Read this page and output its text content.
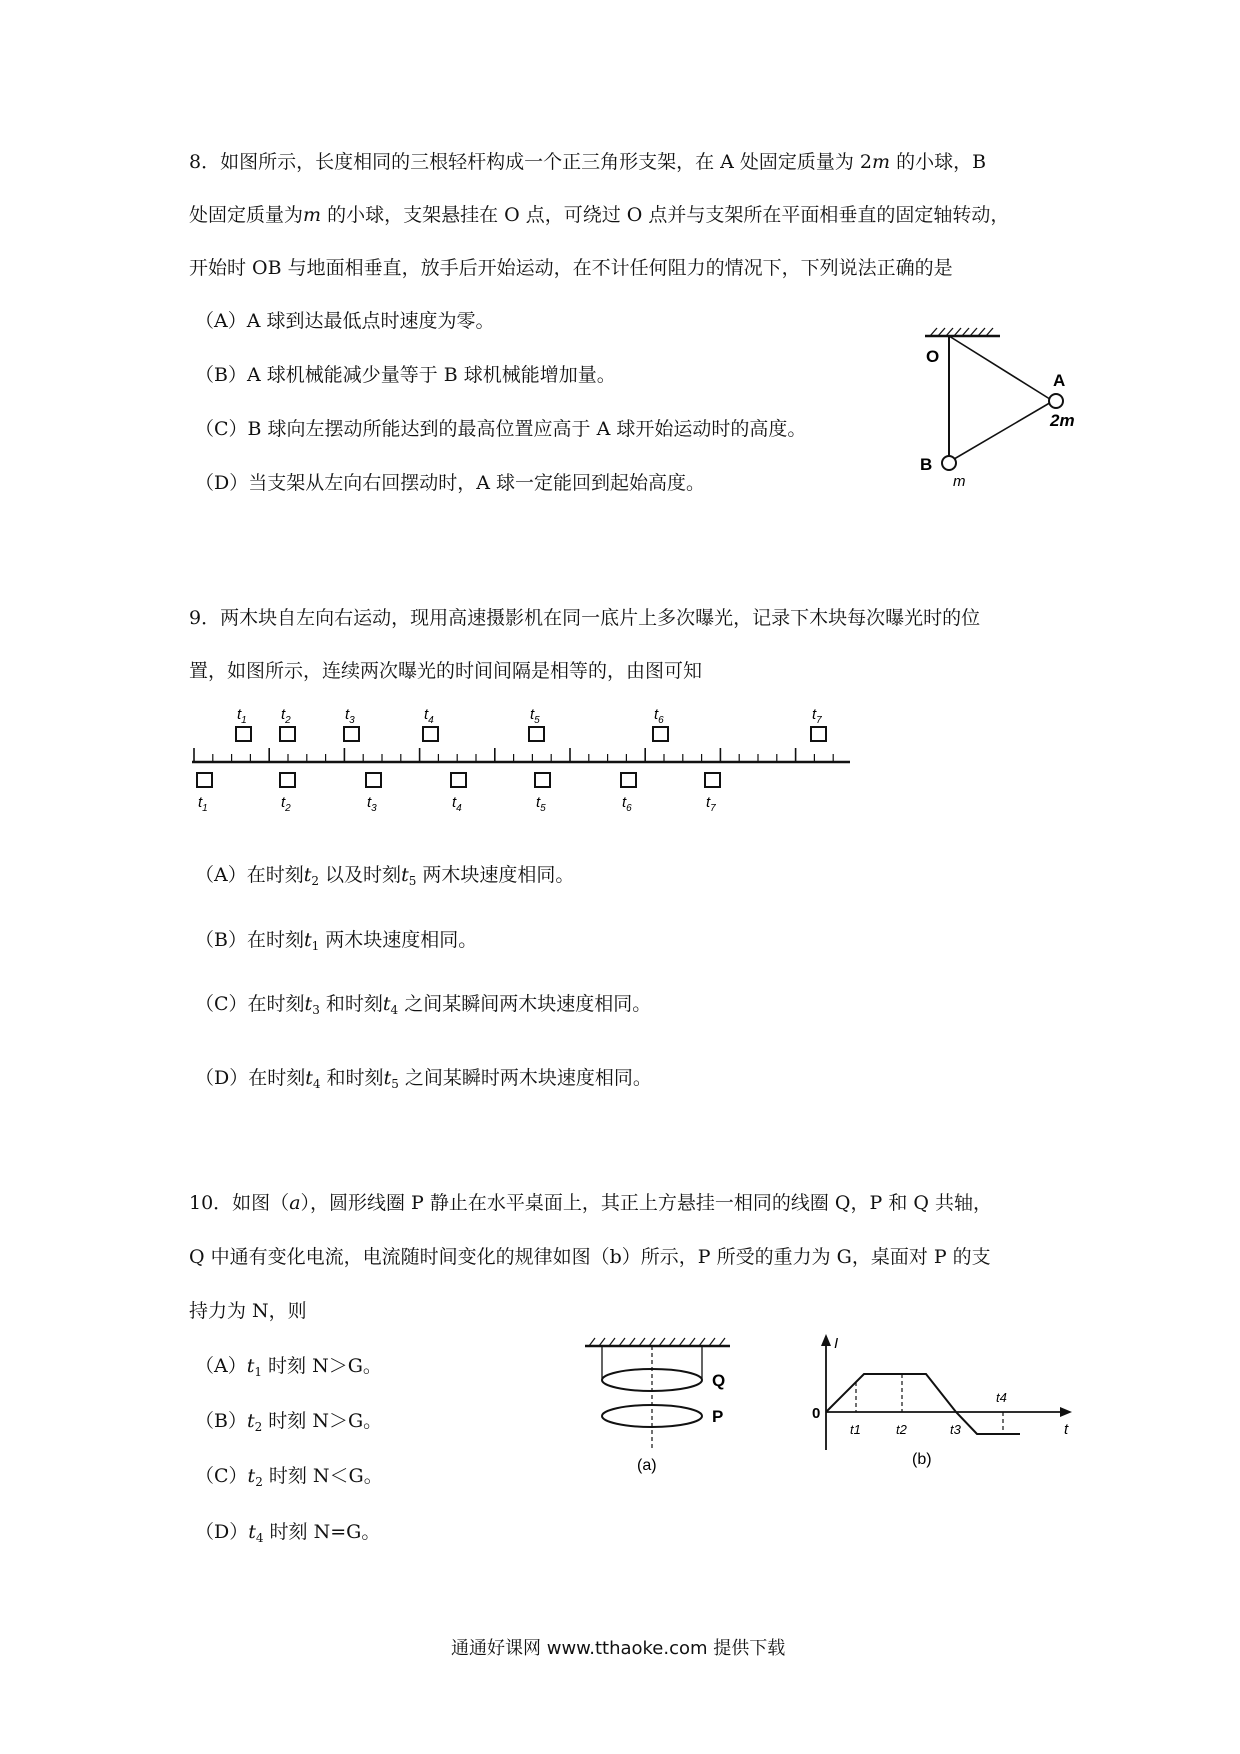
8．如图所示，长度相同的三根轻杆构成一个正三角形支架，在 A 处固定质量为 2m 的小球，B
处固定质量为m 的小球，支架悬挂在 O 点，可绕过 O 点并与支架所在平面相垂直的固定轴转动，
开始时 OB 与地面相垂直，放手后开始运动，在不计任何阻力的情况下，下列说法正确的是
（A）A 球到达最低点时速度为零。
（B）A 球机械能减少量等于 B 球机械能增加量。
（C）B 球向左摆动所能达到的最高位置应高于 A 球开始运动时的高度。
（D）当支架从左向右回摆动时，A 球一定能回到起始高度。
O
A
2m
B
m
9．两木块自左向右运动，现用高速摄影机在同一底片上多次曝光，记录下木块每次曝光时的位
置，如图所示，连续两次曝光的时间间隔是相等的，由图可知
$t_1$ $t_2$	$t_3$	$t_4$	$t_5$	$t_6$	$t_7$
$t_1$	$t_2$	$t_3$	$t_4$	$t_5$	$t_6$	$t_7$
（A）在时刻$t_2$ 以及时刻$t_5$ 两木块速度相同。
（B）在时刻$t_1$ 两木块速度相同。
（C）在时刻$t_3$ 和时刻$t_4$ 之间某瞬间两木块速度相同。
（D）在时刻$t_4$ 和时刻$t_5$ 之间某瞬时两木块速度相同。
10．如图（a），圆形线圈 P 静止在水平桌面上，其正上方悬挂一相同的线圈 Q，P 和 Q 共轴，
Q 中通有变化电流，电流随时间变化的规律如图（b）所示，P 所受的重力为 G，桌面对 P 的支
持力为 N，则
$(A)t_1$ 时刻 N＞G。
$(B)t_2$ 时刻 N＞G。
$(C)t_2$ 时刻 N＜G。
$(D)t_4$ 时刻 N=G。
Q
P
(a)
I
0
t
t1	t2	t3
t4
(b)
通通好课网 www.tthaoke.com 提供下载
